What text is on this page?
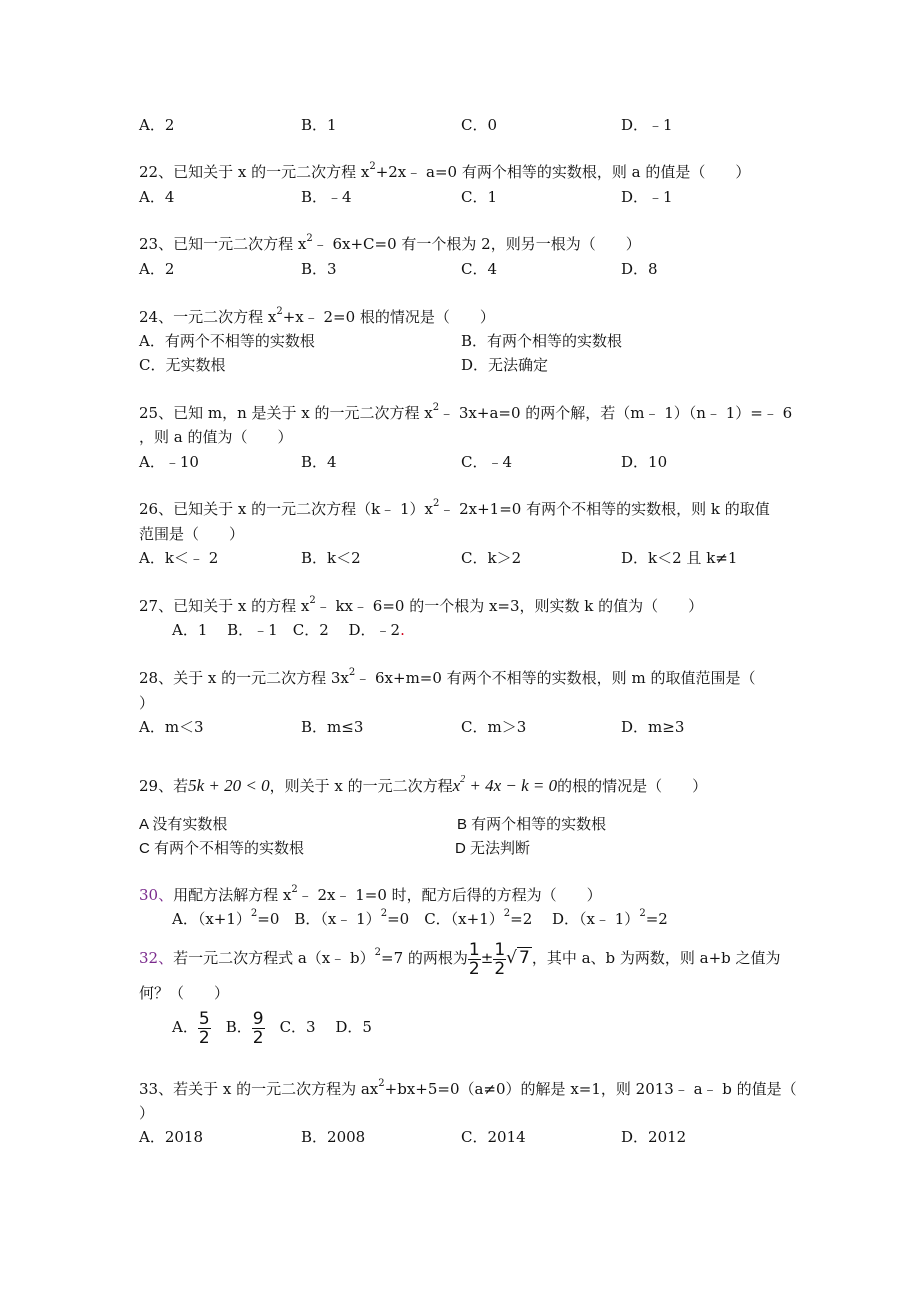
A．2	B．1	C．0	D．﹣1
22、已知关于 x 的一元二次方程 $x^2+2x﹣$ a=0 有两个相等的实数根，则 a 的值是（　　）
A．4	B．﹣4	C．1	D．﹣1
23、已知一元二次方程 $x^2﹣$ 6x+C=0 有一个根为 2，则另一根为（　　）
A．2	B．3	C．4	D．8
24、一元二次方程 $x^2+x﹣$ 2=0 根的情况是（　　）
A．有两个不相等的实数根	B．有两个相等的实数根
C．无实数根	D．无法确定
25、已知 m，n 是关于 x 的一元二次方程 $x^2﹣$ 3x+a=0 的两个解，若（m﹣ 1）（n﹣ 1）=﹣ 6
，则 a 的值为（　　）
A．﹣10	B．4	C．﹣4	D．10
26、已知关于 x 的一元二次方程（k﹣ $1)x^2﹣$ 2x+1=0 有两个不相等的实数根，则 k 的取值
范围是（　　）
A．k＜﹣ 2	B．k＜2	C．k＞2	D．k＜2 且 k≠1
27、已知关于 x 的方程 $x^2﹣$ kx﹣ 6=0 的一个根为 x=3，则实数 k 的值为（　　）
A．1　 B．﹣1　C．2　 D．﹣2.
28、关于 x 的一元二次方程 $3x^2﹣$ 6x+m=0 有两个不相等的实数根，则 m 的取值范围是（
）
A．m＜3	B．m≤3	C．m＞3	D．m≥3
29、若5k + 20 < 0，则关于 x 的一元二次方程$x^2 + 4x - k = 0$的根的情况是（　　）
A 没有实数根	B 有两个相等的实数根
C 有两个不相等的实数根	D 无法判断
30、用配方法解方程 $x^2﹣$ 2x﹣ 1=0 时，配方后得的方程为（　　）
A．$(x+1)^2=0$　B．（x﹣ 1）$^2$=0　C．$(x+1)^2=2$　 D．（x﹣ 1）$^2$=2
32、若一元二次方程式 a（x﹣ b）$^2$=7 的两根为 $\frac{1}{2} \pm \frac{1}{2}$ √ 7 ，其中 a、b 为两数，则 a+b 之值为
何？（　　）
A． $\frac{5}{2}$
　 B． $\frac{9}{2}$
　 C．3　 D．5
33、若关于 x 的一元二次方程为 $ax^2+bx+5=0(a\ne 0)$的解是 x=1，则 2013﹣ a﹣ b 的值是（
）
A．2018	B．2008	C．2014	D．2012
